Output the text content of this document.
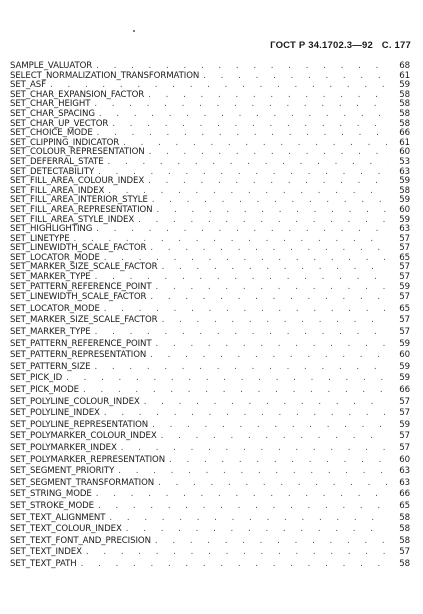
ГОСТ Р 34.1702.3—92 С. 177
SAMPLE_VALUATOR . . .	68
SELECT_NORMALIZATION_TRANSFORMATION . . .	61
SET_ASF . . .	59
SET_CHAR_EXPANSION_FACTOR . . .	58
SET_CHAR_HEIGHT . . .	58
SET_CHAR_SPACING . . .	58
SET_CHAR_UP_VECTOR . . .	58
SET_CHOICE_MODE . . .	66
SET_CLIPPING_INDICATOR . . .	61
SET_COLOUR_REPRESENTATION . . .	60
SET_DEFERRAL_STATE . . .	53
SET_DETECTABILITY . . .	63
SET_FILL_AREA_COLOUR_INDEX . . .	59
SET_FILL_AREA_INDEX . . .	58
SET_FILL_AREA_INTERIOR_STYLE . . .	59
SET_FILL_AREA_REPRESENTATION . . .	60
SET_FILL_AREA_STYLE_INDEX . . .	59
SET_HIGHLIGHTING . . .	63
SET_LINETYPE . . .	57
SET_LINEWIDTH_SCALE_FACTOR . . .	57
SET_LOCATOR_MODE . . .	65
SET_MARKER_SIZE_SCALE_FACTOR . . .	57
SET_MARKER_TYPE . . .	57
SET_PATTERN_REFERENCE_POINT . . .	59
SET_LINEWIDTH_SCALE_FACTOR . . .	57
SET_LOCATOR_MODE . . .	65
SET_MARKER_SIZE_SCALE_FACTOR . . .	57
SET_MARKER_TYPE . . .	57
SET_PATTERN_REFERENCE_POINT . . .	59
SET_PATTERN_REPRESENTATION . . .	60
SET_PATTERN_SIZE . . .	59
SET_PICK_ID . . .	59
SET_PICK_MODE . . .	66
SET_POLYLINE_COLOUR_INDEX . . .	57
SET_POLYLINE_INDEX . . .	57
SET_POLYLINE_REPRESENTATION . . .	59
SET_POLYMARKER_COLOUR_INDEX . . .	57
SET_POLYMARKER_INDEX . . .	57
SET_POLYMARKER_REPRESENTATION . . .	60
SET_SEGMENT_PRIORITY . . .	63
SET_SEGMENT_TRANSFORMATION . . .	63
SET_STRING_MODE . . .	66
SET_STROKE_MODE . . .	65
SET_TEXT_ALIGNMENT . . .	58
SET_TEXT_COLOUR_INDEX . . .	58
SET_TEXT_FONT_AND_PRECISION . . .	58
SET_TEXT_INDEX . . .	57
SET_TEXT_PATH . . .	58
